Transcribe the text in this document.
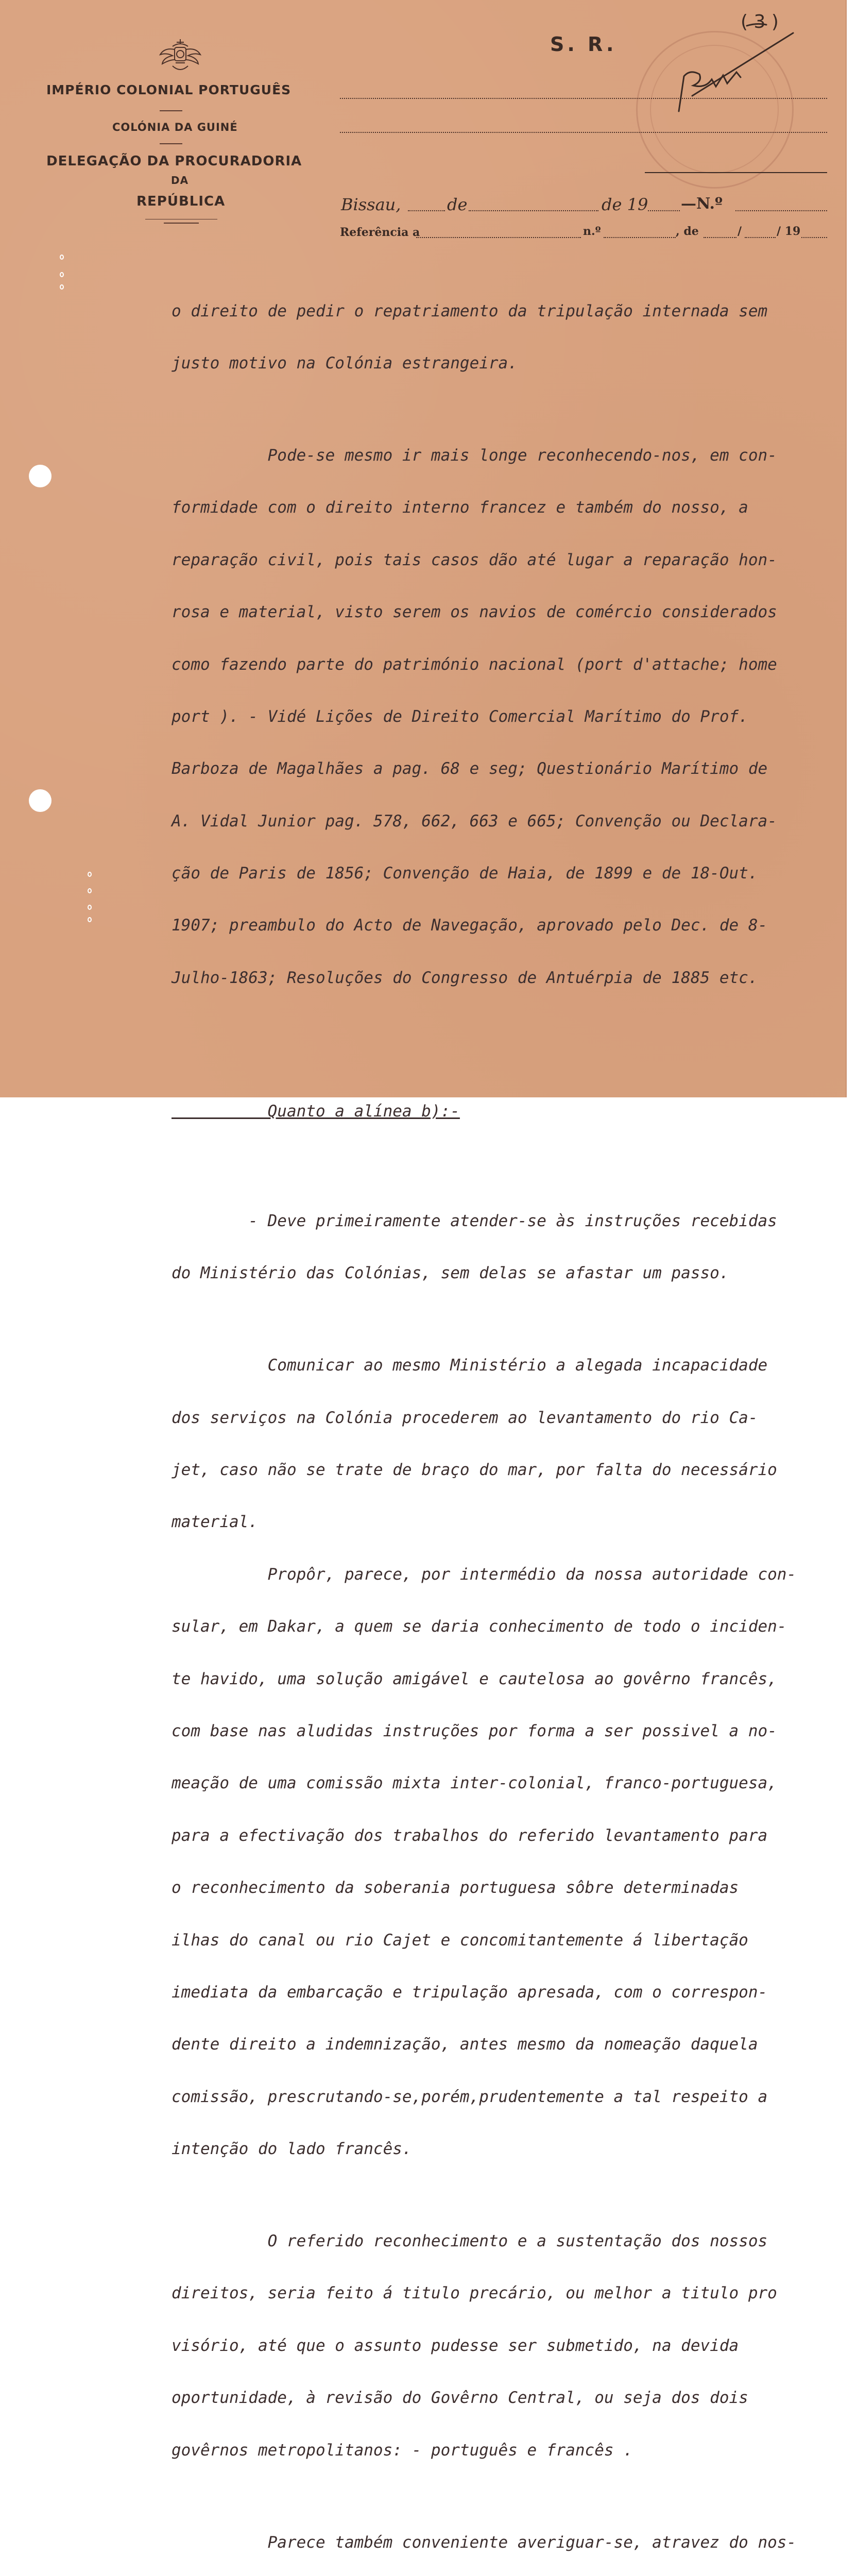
IMPÉRIO COLONIAL PORTUGUÊS
COLÓNIA DA GUINÉ
DELEGAÇÃO DA PROCURADORIA
DA
REPÚBLICA
S. R.
( 3 )
Bissau,	de	de 19 —N.º
Referência a	n.º	, de	/	/ 19

o direito de pedir o repatriamento da tripulação internada sem

justo motivo na Colónia estrangeira.

Pode-se mesmo ir mais longe reconhecendo-nos, em con-

formidade com o direito interno francez e também do nosso, a

reparação civil, pois tais casos dão até lugar a reparação hon-

rosa e material, visto serem os navios de comércio considerados

como fazendo parte do património nacional (port d'attache; home

port ). - Vidé Lições de Direito Comercial Marítimo do Prof.

Barboza de Magalhães a pag. 68 e seg; Questionário Marítimo de

A. Vidal Junior pag. 578, 662, 663 e 665; Convenção ou Declara-

ção de Paris de 1856; Convenção de Haia, de 1899 e de 18-Out.

1907; preambulo do Acto de Navegação, aprovado pelo Dec. de 8-

Julho-1863; Resoluções do Congresso de Antuérpia de 1885 etc.

Quanto a alínea b):-

- Deve primeiramente atender-se às instruções recebidas

do Ministério das Colónias, sem delas se afastar um passo.

Comunicar ao mesmo Ministério a alegada incapacidade

dos serviços na Colónia procederem ao levantamento do rio Ca-

jet, caso não se trate de braço do mar, por falta do necessário

material.

Propôr, parece, por intermédio da nossa autoridade con-

sular, em Dakar, a quem se daria conhecimento de todo o inciden-

te havido, uma solução amigável e cautelosa ao govêrno francês,

com base nas aludidas instruções por forma a ser possivel a no-

meação de uma comissão mixta inter-colonial, franco-portuguesa,

para a efectivação dos trabalhos do referido levantamento para

o reconhecimento da soberania portuguesa sôbre determinadas

ilhas do canal ou rio Cajet e concomitantemente á libertação

imediata da embarcação e tripulação apresada, com o correspon-

dente direito a indemnização, antes mesmo da nomeação daquela

comissão, prescrutando-se,porém,prudentemente a tal respeito a

intenção do lado francês.

O referido reconhecimento e a sustentação dos nossos

direitos, seria feito á titulo precário, ou melhor a titulo pro

visório, até que o assunto pudesse ser submetido, na devida

oportunidade, à revisão do Govêrno Central, ou seja dos dois

govêrnos metropolitanos: - português e francês .

Parece também conveniente averiguar-se, atravez do nos-
